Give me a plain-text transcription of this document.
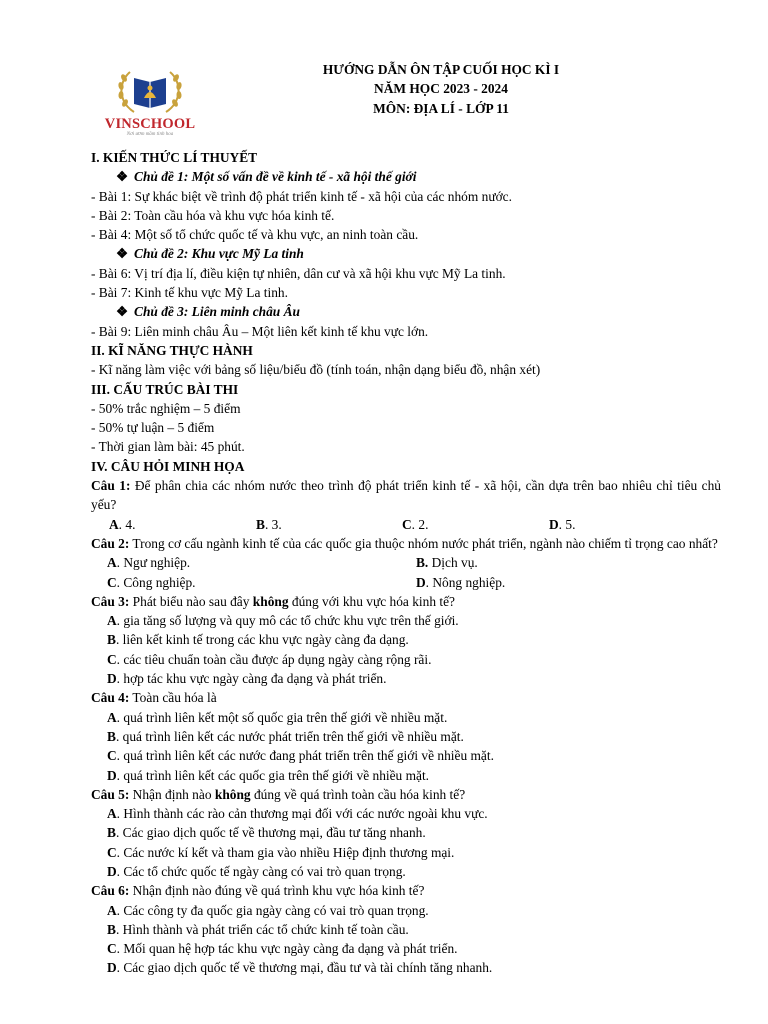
VINSCHOOL
Nơi ươm mầm tinh hoa
HƯỚNG DẪN ÔN TẬP CUỐI HỌC KÌ I
NĂM HỌC 2023 - 2024
MÔN: ĐỊA LÍ - LỚP 11
I. KIẾN THỨC LÍ THUYẾT
❖ Chủ đề 1: Một số vấn đề về kinh tế - xã hội thế giới
- Bài 1: Sự khác biệt về trình độ phát triển kinh tế - xã hội của các nhóm nước.
- Bài 2: Toàn cầu hóa và khu vực hóa kinh tế.
- Bài 4: Một số tổ chức quốc tế và khu vực, an ninh toàn cầu.
❖ Chủ đề 2: Khu vực Mỹ La tinh
- Bài 6: Vị trí địa lí, điều kiện tự nhiên, dân cư và xã hội khu vực Mỹ La tinh.
- Bài 7: Kinh tế khu vực Mỹ La tinh.
❖ Chủ đề 3: Liên minh châu Âu
- Bài 9: Liên minh châu Âu – Một liên kết kinh tế khu vực lớn.
II. KĨ NĂNG THỰC HÀNH
- Kĩ năng làm việc với bảng số liệu/biểu đồ (tính toán, nhận dạng biểu đồ, nhận xét)
III. CẤU TRÚC BÀI THI
- 50% trắc nghiệm – 5 điểm
- 50% tự luận – 5 điểm
- Thời gian làm bài: 45 phút.
IV. CÂU HỎI MINH HỌA
Câu 1: Để phân chia các nhóm nước theo trình độ phát triển kinh tế - xã hội, cần dựa trên bao nhiêu chỉ tiêu chủ yếu?
A. 4.	B. 3.	C. 2.	D. 5.
Câu 2: Trong cơ cấu ngành kinh tế của các quốc gia thuộc nhóm nước phát triển, ngành nào chiếm tỉ trọng cao nhất?
A. Ngư nghiệp.	B. Dịch vụ.
C. Công nghiệp.	D. Nông nghiệp.
Câu 3: Phát biểu nào sau đây không đúng với khu vực hóa kinh tế?
A. gia tăng số lượng và quy mô các tổ chức khu vực trên thế giới.
B. liên kết kinh tế trong các khu vực ngày càng đa dạng.
C. các tiêu chuẩn toàn cầu được áp dụng ngày càng rộng rãi.
D. hợp tác khu vực ngày càng đa dạng và phát triển.
Câu 4: Toàn cầu hóa là
A. quá trình liên kết một số quốc gia trên thế giới về nhiều mặt.
B. quá trình liên kết các nước phát triển trên thế giới về nhiều mặt.
C. quá trình liên kết các nước đang phát triển trên thế giới về nhiều mặt.
D. quá trình liên kết các quốc gia trên thế giới về nhiều mặt.
Câu 5: Nhận định nào không đúng về quá trình toàn cầu hóa kinh tế?
A. Hình thành các rào cản thương mại đối với các nước ngoài khu vực.
B. Các giao dịch quốc tế về thương mại, đầu tư tăng nhanh.
C. Các nước kí kết và tham gia vào nhiều Hiệp định thương mại.
D. Các tổ chức quốc tế ngày càng có vai trò quan trọng.
Câu 6: Nhận định nào đúng về quá trình khu vực hóa kinh tế?
A. Các công ty đa quốc gia ngày càng có vai trò quan trọng.
B. Hình thành và phát triển các tổ chức kinh tế toàn cầu.
C. Mối quan hệ hợp tác khu vực ngày càng đa dạng và phát triển.
D. Các giao dịch quốc tế về thương mại, đầu tư và tài chính tăng nhanh.
